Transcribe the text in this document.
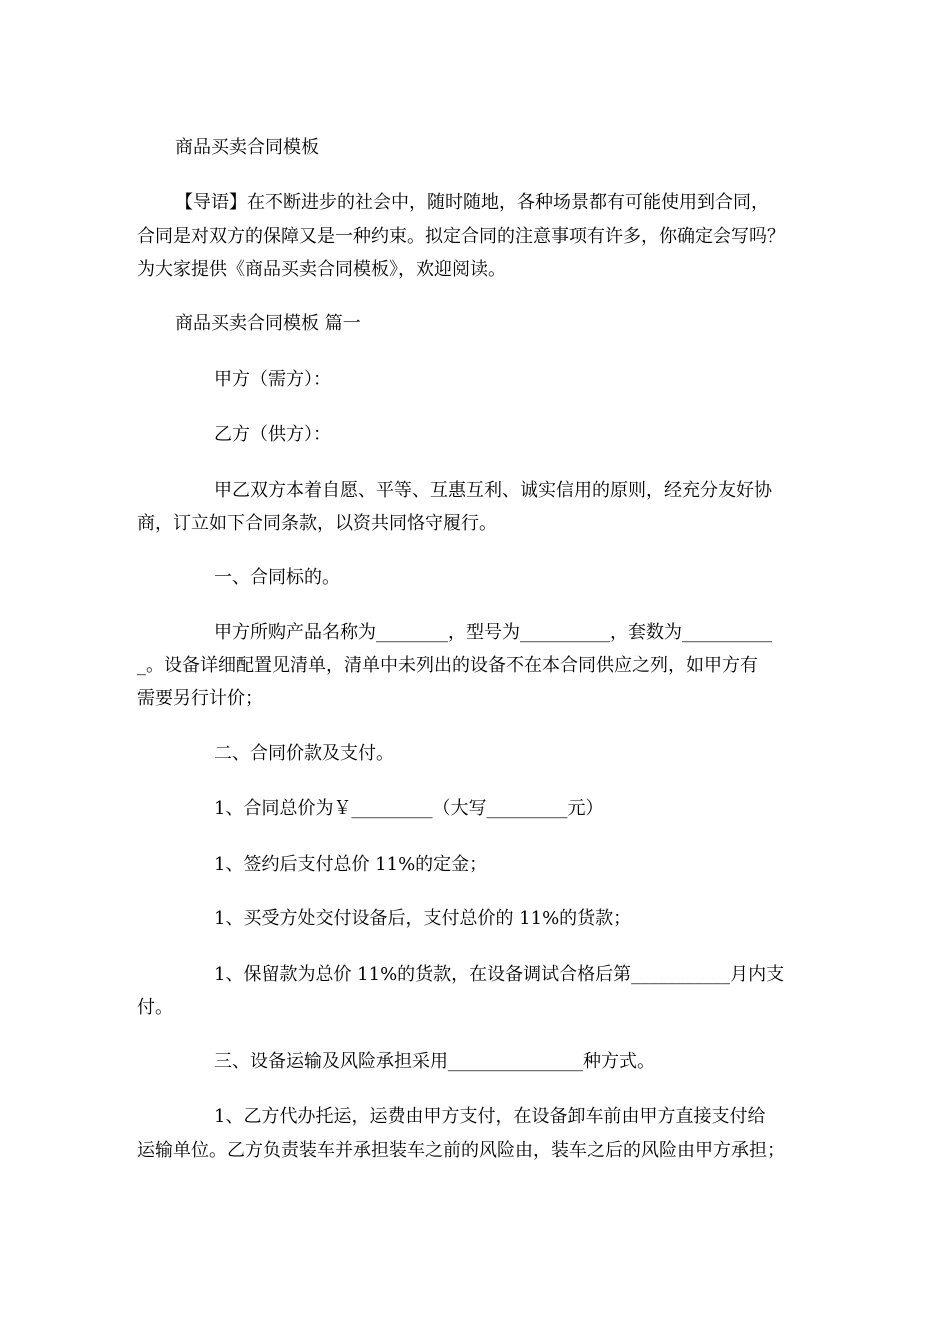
商品买卖合同模板
【导语】在不断进步的社会中，随时随地，各种场景都有可能使用到合同，
合同是对双方的保障又是一种约束。拟定合同的注意事项有许多，你确定会写吗？
为大家提供《商品买卖合同模板》，欢迎阅读。
商品买卖合同模板 篇一
甲方（需方）：
乙方（供方）：
甲乙双方本着自愿、平等、互惠互利、诚实信用的原则，经充分友好协
商，订立如下合同条款，以资共同恪守履行。
一、合同标的。
甲方所购产品名称为________，型号为__________，套数为__________
_。设备详细配置见清单，清单中未列出的设备不在本合同供应之列，如甲方有
需要另行计价；
二、合同价款及支付。
1、合同总价为￥_________（大写_________元）
1、签约后支付总价 11%的定金；
1、买受方处交付设备后，支付总价的 11%的货款；
1、保留款为总价 11%的货款，在设备调试合格后第___________月内支
付。
三、设备运输及风险承担采用_______________种方式。
1、乙方代办托运，运费由甲方支付，在设备卸车前由甲方直接支付给
运输单位。乙方负责装车并承担装车之前的风险由，装车之后的风险由甲方承担；
